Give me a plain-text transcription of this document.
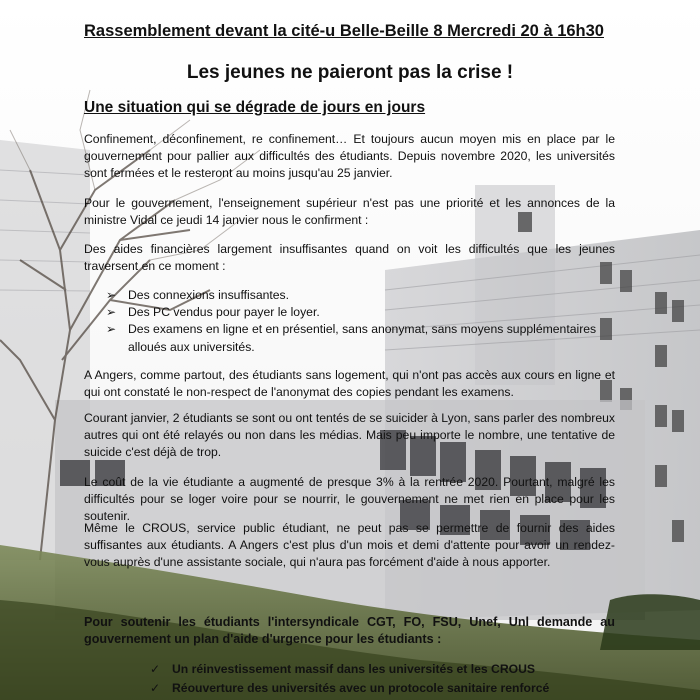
Rassemblement devant la cité-u Belle-Beille 8 Mercredi 20 à 16h30
Les jeunes ne paieront pas la crise !
Une situation qui se dégrade de jours en jours

Confinement, déconfinement, re confinement… Et toujours aucun moyen mis en place par le gouvernement pour pallier aux difficultés des étudiants. Depuis novembre 2020, les universités sont fermées et le resteront au moins jusqu'au 25 janvier.

Pour le gouvernement, l'enseignement supérieur n'est pas une priorité et les annonces de la ministre Vidal ce jeudi 14 janvier nous le confirment :

Des aides financières largement insuffisantes quand on voit les difficultés que les jeunes traversent en ce moment :

➢ Des connexions insuffisantes.
➢ Des PC vendus pour payer le loyer.
➢ Des examens en ligne et en présentiel, sans anonymat, sans moyens supplémentaires alloués aux universités.

A Angers, comme partout, des étudiants sans logement, qui n'ont pas accès aux cours en ligne et qui ont constaté le non-respect de l'anonymat des copies pendant les examens.

Courant janvier, 2 étudiants se sont ou ont tentés de se suicider à Lyon, sans parler des nombreux autres qui ont été relayés ou non dans les médias. Mais peu importe le nombre, une tentative de suicide c'est déjà de trop.

Le coût de la vie étudiante a augmenté de presque 3% à la rentrée 2020. Pourtant, malgré les difficultés pour se loger voire pour se nourrir, le gouvernement ne met rien en place pour les soutenir.

Même le CROUS, service public étudiant, ne peut pas se permettre de fournir des aides suffisantes aux étudiants. A Angers c'est plus d'un mois et demi d'attente pour avoir un rendez-vous auprès d'une assistante sociale, qui n'aura pas forcément d'aide à nous apporter.

Pour soutenir les étudiants l'intersyndicale CGT, FO, FSU, Unef, Unl demande au gouvernement un plan d'aide d'urgence pour les étudiants :

✓ Un réinvestissement massif dans les universités et les CROUS
✓ Réouverture des universités avec un protocole sanitaire renforcé
